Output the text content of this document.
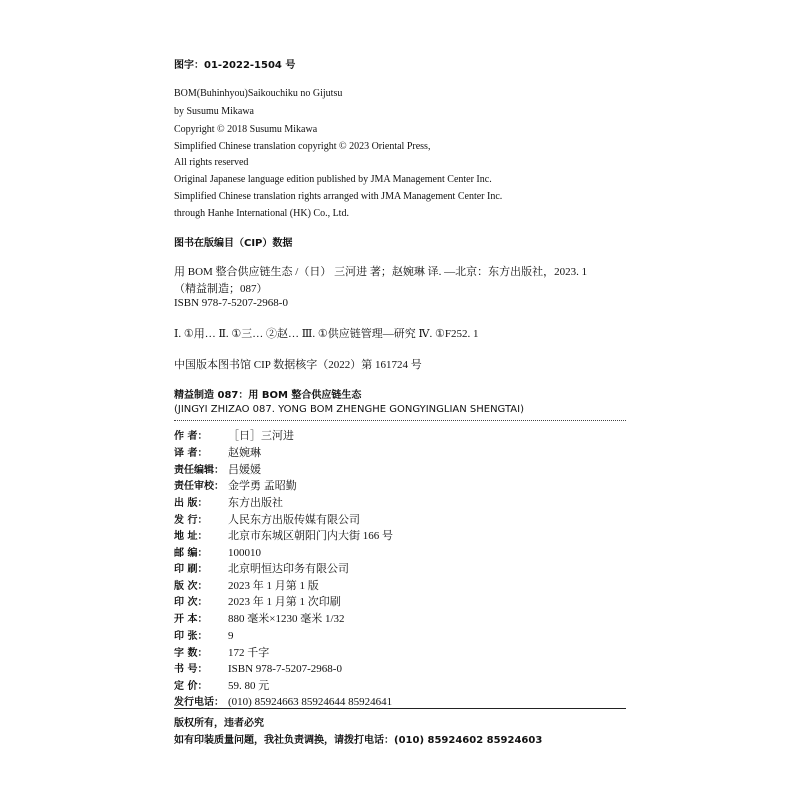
图字：01-2022-1504 号
BOM(Buhinhyou)Saikouchiku no Gijutsu
by Susumu Mikawa
Copyright © 2018 Susumu Mikawa
Simplified Chinese translation copyright © 2023 Oriental Press,
All rights reserved
Original Japanese language edition published by JMA Management Center Inc.
Simplified Chinese translation rights arranged with JMA Management Center Inc.
through Hanhe International (HK) Co., Ltd.
图书在版编目（CIP）数据
用 BOM 整合供应链生态 /（日） 三河进 著；赵婉琳 译. —北京：东方出版社，2023. 1
（精益制造；087）
ISBN 978-7-5207-2968-0
Ⅰ. ①用… Ⅱ. ①三… ②赵… Ⅲ. ①供应链管理—研究 Ⅳ. ①F252. 1
中国版本图书馆 CIP 数据核字（2022）第 161724 号
精益制造 087：用 BOM 整合供应链生态
(JINGYI ZHIZAO 087. YONG BOM ZHENGHE GONGYINGLIAN SHENGTAI)
作 者： ［日］三河进
译 者： 赵婉琳
责任编辑： 吕媛媛
责任审校： 金学勇 孟昭勤
出 版： 东方出版社
发 行： 人民东方出版传媒有限公司
地 址： 北京市东城区朝阳门内大街 166 号
邮 编： 100010
印 刷： 北京明恒达印务有限公司
版 次： 2023 年 1 月第 1 版
印 次： 2023 年 1 月第 1 次印刷
开 本： 880 毫米×1230 毫米 1/32
印 张： 9
字 数： 172 千字
书 号： ISBN 978-7-5207-2968-0
定 价： 59. 80 元
发行电话： (010) 85924663 85924644 85924641
版权所有，违者必究
如有印装质量问题，我社负责调换，请拨打电话：(010) 85924602 85924603
